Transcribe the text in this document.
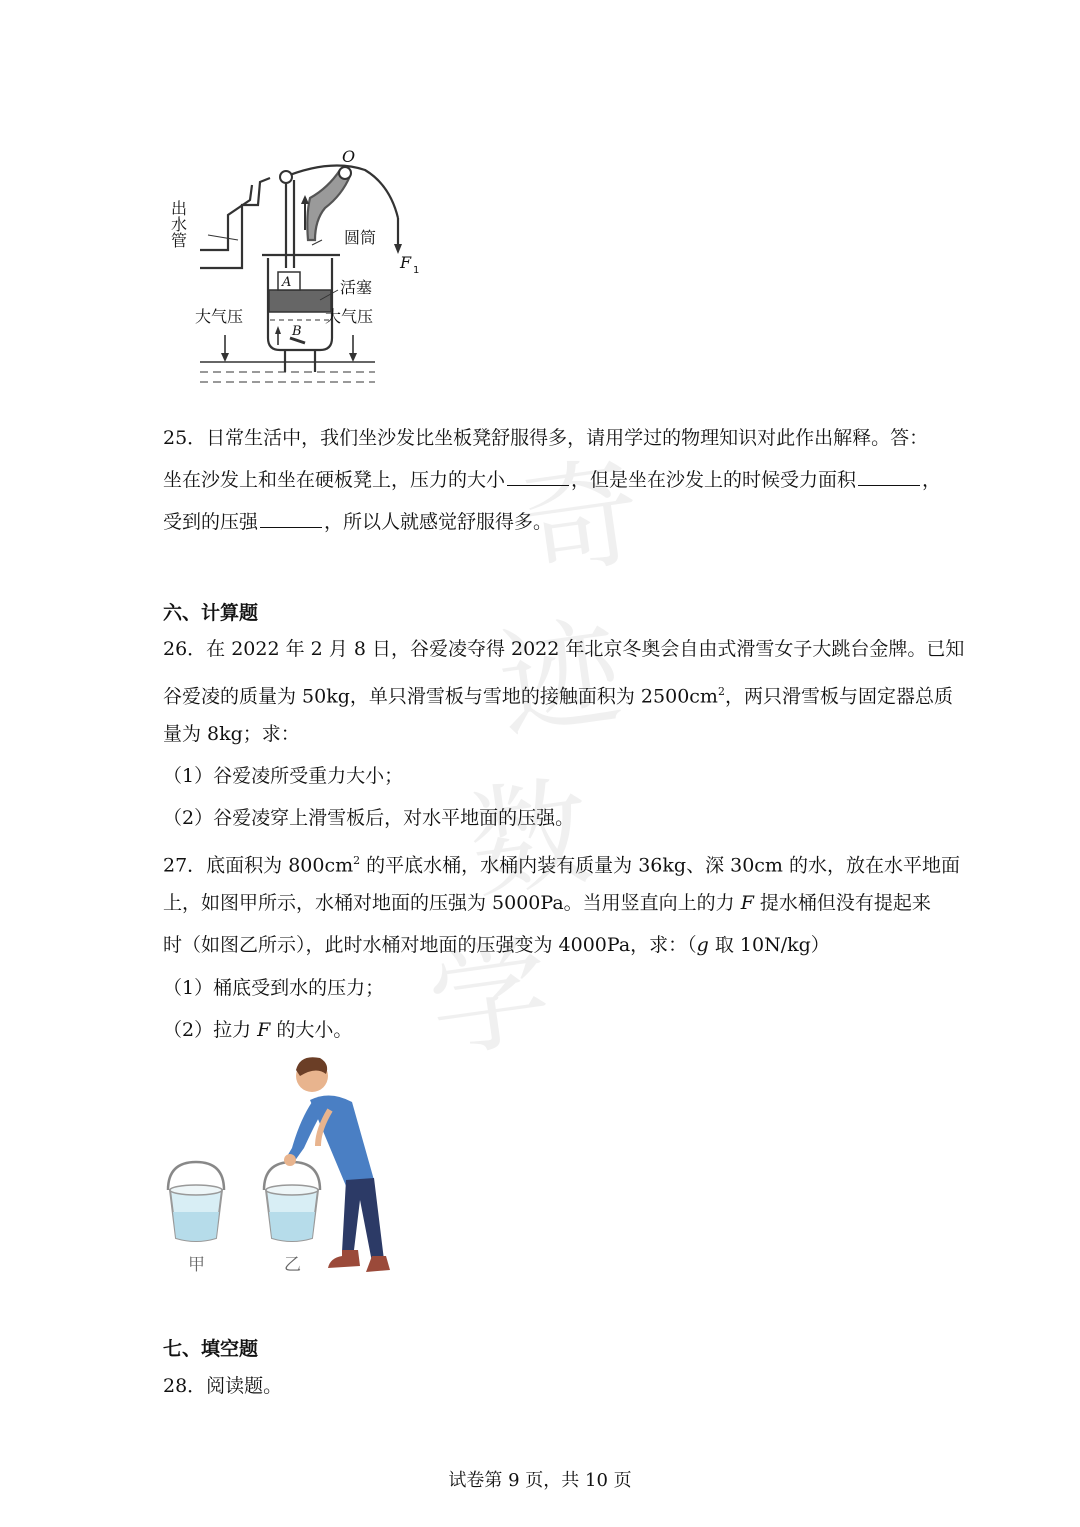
奇
迹
数
学
出水管
O
圆筒
F 1
A	活塞
大气压	大气压
B
25．日常生活中，我们坐沙发比坐板凳舒服得多，请用学过的物理知识对此作出解释。答：
坐在沙发上和坐在硬板凳上，压力的大小	，但是坐在沙发上的时候受力面积	，
受到的压强	，所以人就感觉舒服得多。
六、计算题
26．在 2022 年 2 月 8 日，谷爱凌夺得 2022 年北京冬奥会自由式滑雪女子大跳台金牌。已知
谷爱凌的质量为 50kg，单只滑雪板与雪地的接触面积为 $2500cm^2$，两只滑雪板与固定器总质
量为 8kg；求：
（1）谷爱凌所受重力大小；
（2）谷爱凌穿上滑雪板后，对水平地面的压强。
27．底面积为 $800cm^2$ 的平底水桶，水桶内装有质量为 36kg、深 30cm 的水，放在水平地面
上，如图甲所示，水桶对地面的压强为 5000Pa。当用竖直向上的力 F 提水桶但没有提起来
时（如图乙所示），此时水桶对地面的压强变为 4000Pa，求：（g 取 10N/kg）
（1）桶底受到水的压力；
（2）拉力 F 的大小。
甲	乙
七、填空题
28．阅读题。
试卷第 9 页，共 10 页
